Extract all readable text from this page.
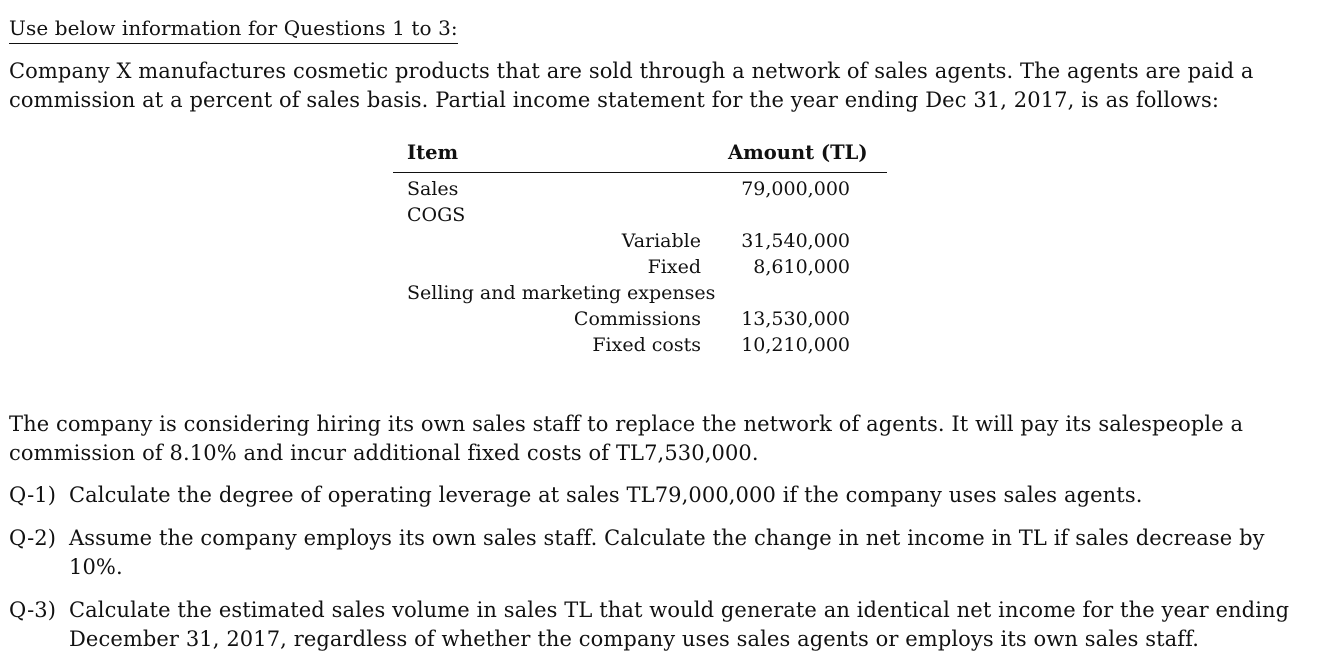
Use below information for Questions 1 to 3:
Company X manufactures cosmetic products that are sold through a network of sales agents. The agents are paid a
commission at a percent of sales basis. Partial income statement for the year ending Dec 31, 2017, is as follows:
Item	Amount (TL)
Sales	79,000,000
COGS
Variable 31,540,000
Fixed	8,610,000
Selling and marketing expenses
Commissions 13,530,000
Fixed costs 10,210,000
The company is considering hiring its own sales staff to replace the network of agents. It will pay its salespeople a
commission of 8.10% and incur additional fixed costs of TL7,530,000.
Q-1) Calculate the degree of operating leverage at sales TL79,000,000 if the company uses sales agents.
Q-2) Assume the company employs its own sales staff. Calculate the change in net income in TL if sales decrease by
10%.
Q-3) Calculate the estimated sales volume in sales TL that would generate an identical net income for the year ending
December 31, 2017, regardless of whether the company uses sales agents or employs its own sales staff.
